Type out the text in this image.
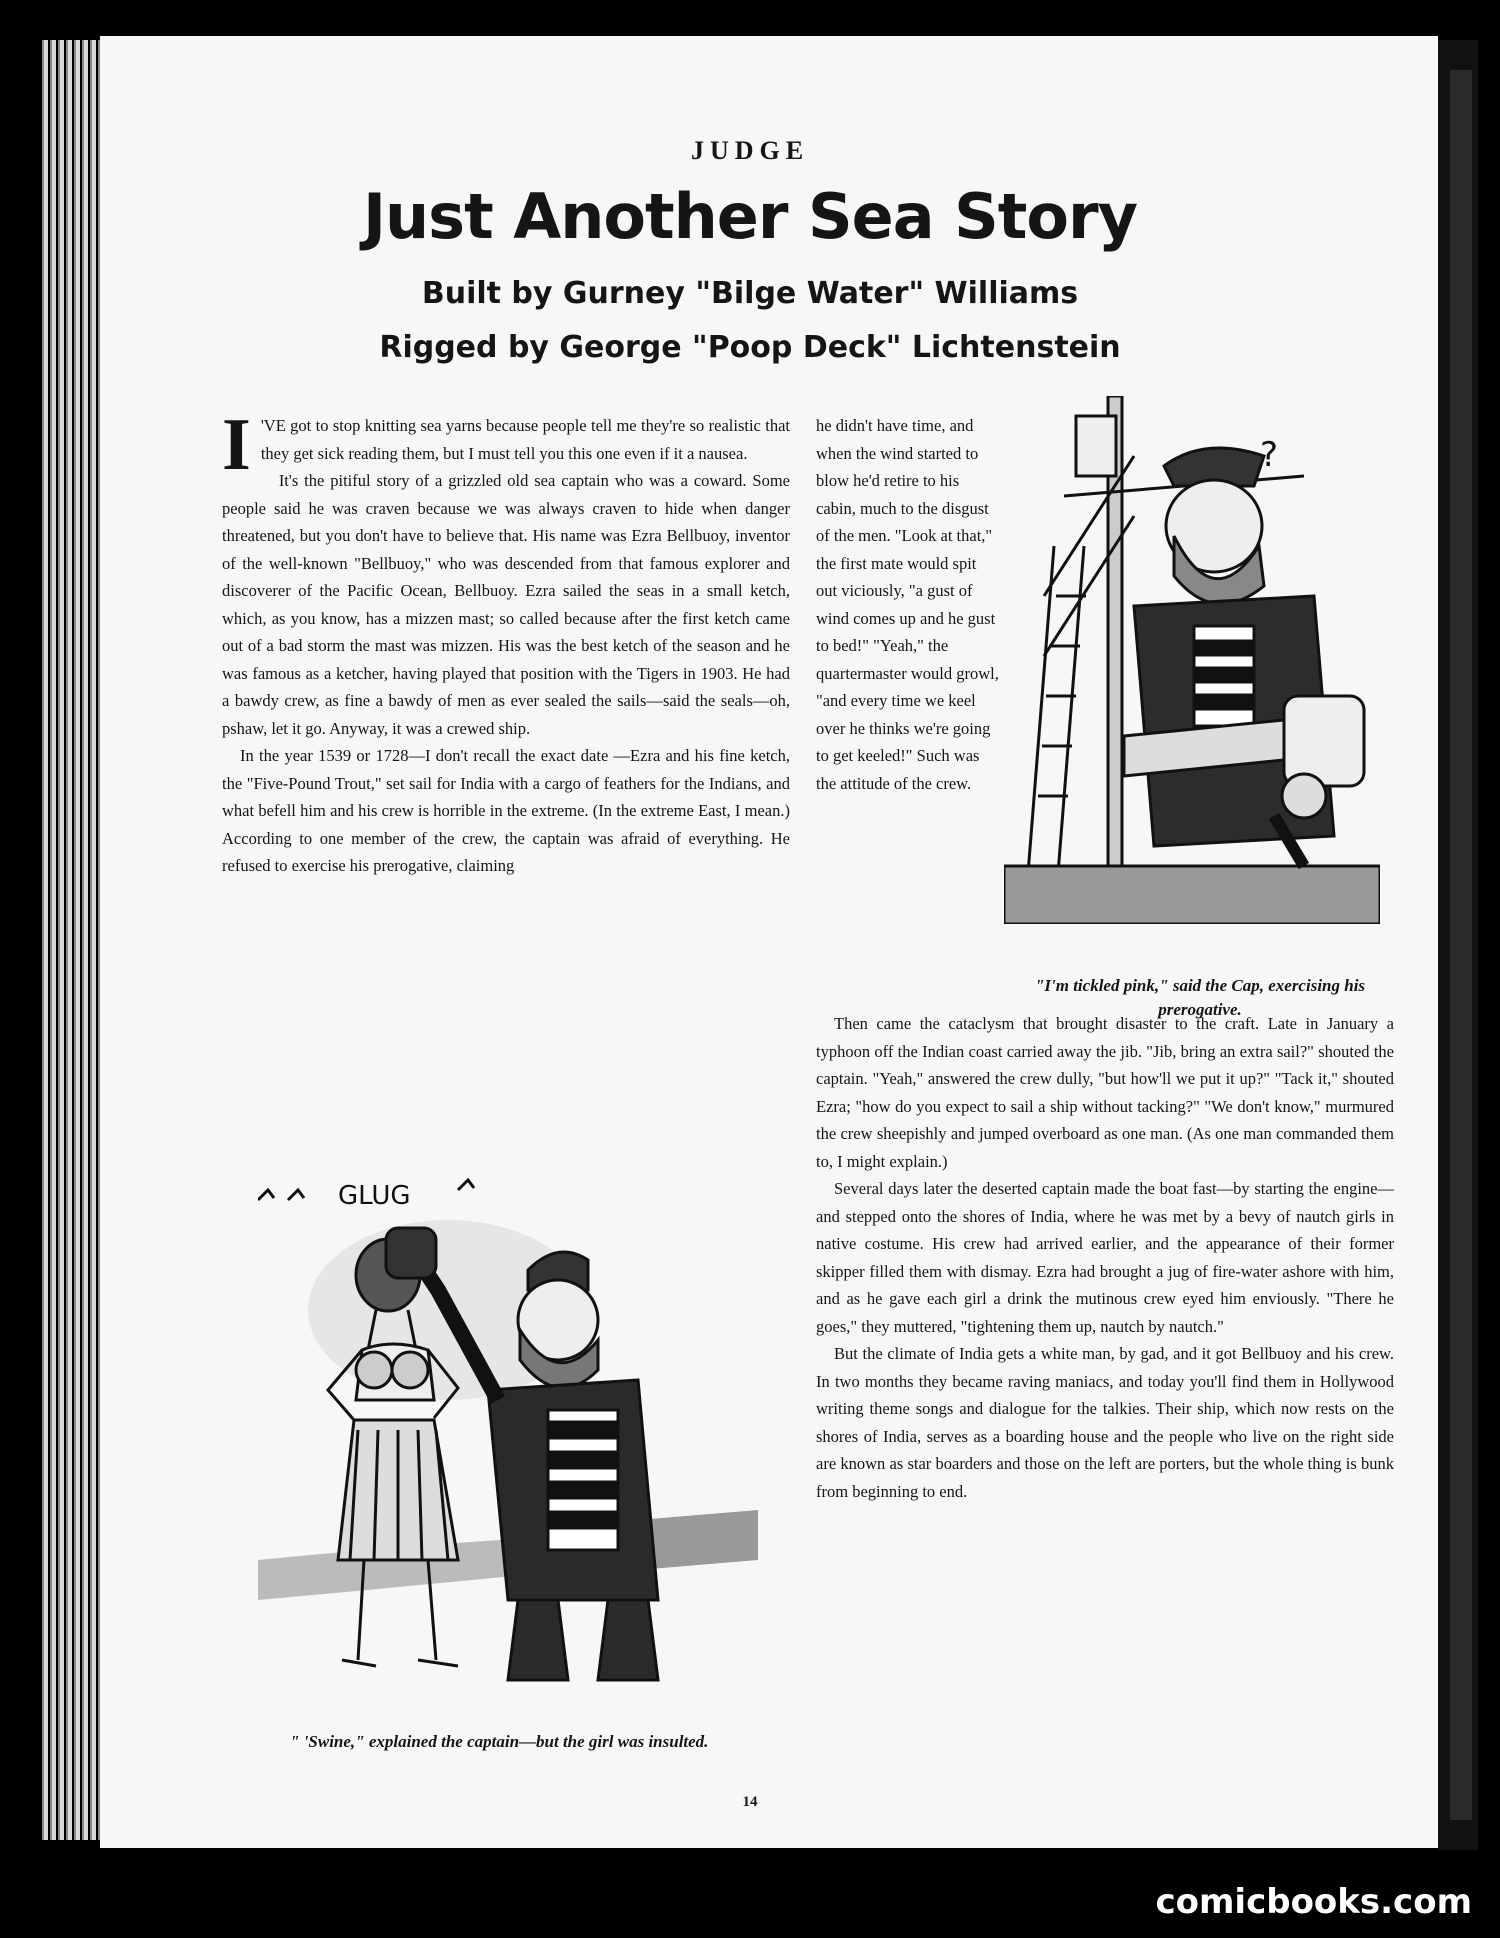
JUDGE
Just Another Sea Story
Built by Gurney "Bilge Water" Williams
Rigged by George "Poop Deck" Lichtenstein

I 'VE got to stop knitting sea yarns because people tell me they're so realistic that they get sick reading them, but I must tell you this one even if it a nausea.

It's the pitiful story of a grizzled old sea captain who was a coward. Some people said he was craven because we was always craven to hide when danger threatened, but you don't have to believe that. His name was Ezra Bellbuoy, inventor of the well-known "Bellbuoy," who was descended from that famous explorer and discoverer of the Pacific Ocean, Bellbuoy. Ezra sailed the seas in a small ketch, which, as you know, has a mizzen mast; so called because after the first ketch came out of a bad storm the mast was mizzen. His was the best ketch of the season and he was famous as a ketcher, having played that position with the Tigers in 1903. He had a bawdy crew, as fine a bawdy of men as ever sealed the sails—said the seals—oh, pshaw, let it go. Anyway, it was a crewed ship.

In the year 1539 or 1728—I don't recall the exact date —Ezra and his fine ketch, the "Five-Pound Trout," set sail for India with a cargo of feathers for the Indians, and what befell him and his crew is horrible in the extreme. (In the extreme East, I mean.) According to one member of the crew, the captain was afraid of everything. He refused to exercise his prerogative, claiming

he didn't have time, and when the wind started to blow he'd retire to his cabin, much to the disgust of the men. "Look at that," the first mate would spit out viciously, "a gust of wind comes up and he gust to bed!" "Yeah," the quartermaster would growl, "and every time we keel over he thinks we're going to get keeled!" Such was the attitude of the crew.

Then came the cataclysm that brought disaster to the craft. Late in January a typhoon off the Indian coast carried away the jib. "Jib, bring an extra sail?" shouted the captain. "Yeah," answered the crew dully, "but how'll we put it up?" "Tack it," shouted Ezra; "how do you expect to sail a ship without tacking?" "We don't know," murmured the crew sheepishly and jumped overboard as one man. (As one man commanded them to, I might explain.)

Several days later the deserted captain made the boat fast—by starting the engine—and stepped onto the shores of India, where he was met by a bevy of nautch girls in native costume. His crew had arrived earlier, and the appearance of their former skipper filled them with dismay. Ezra had brought a jug of fire-water ashore with him, and as he gave each girl a drink the mutinous crew eyed him enviously. "There he goes," they muttered, "tightening them up, nautch by nautch."

But the climate of India gets a white man, by gad, and it got Bellbuoy and his crew. In two months they became raving maniacs, and today you'll find them in Hollywood writing theme songs and dialogue for the talkies. Their ship, which now rests on the shores of India, serves as a boarding house and the people who live on the right side are known as star boarders and those on the left are porters, but the whole thing is bunk from beginning to end.

GLUG
" 'Swine," explained the captain—but the girl was insulted.
?
"I'm tickled pink," said the Cap, exercising his prerogative.
14
comicbooks.com
